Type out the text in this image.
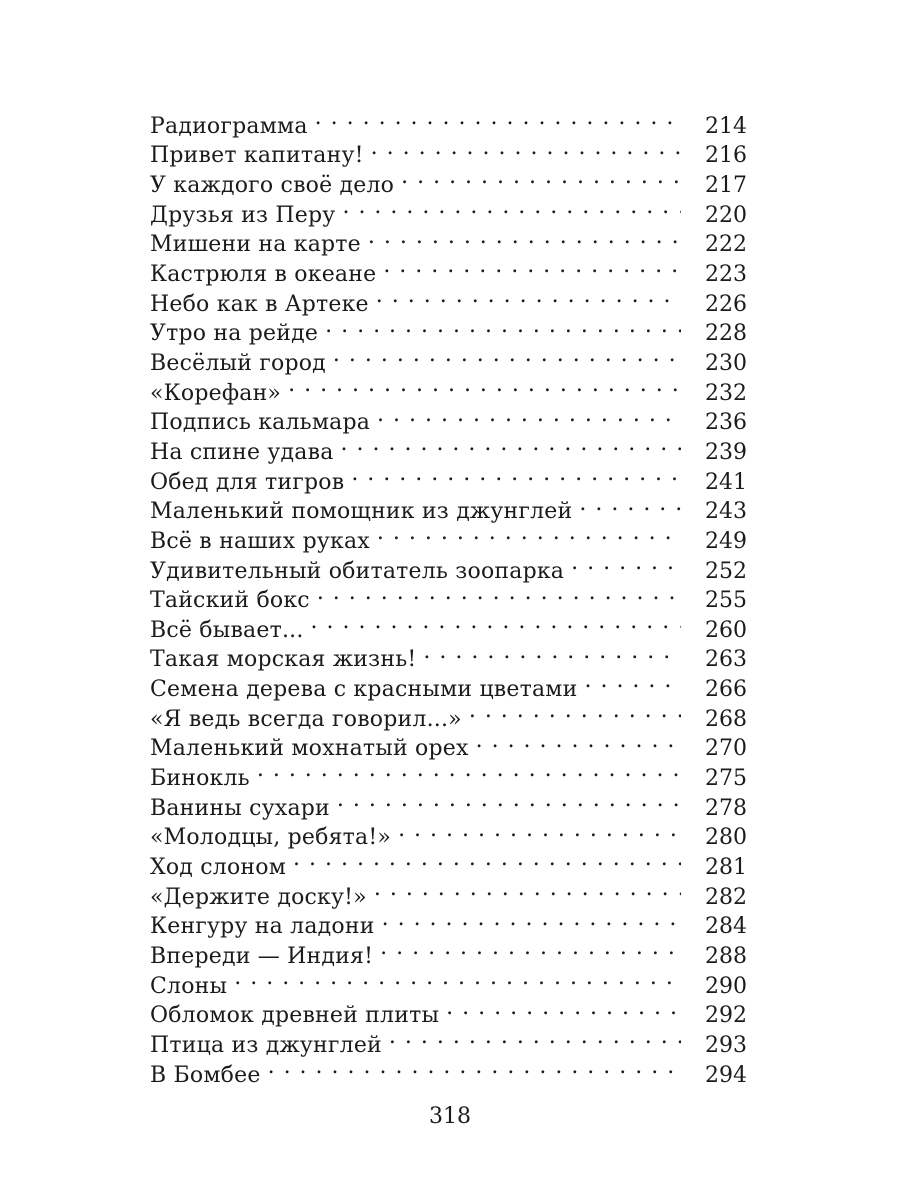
Радиограмма . . .	214
Привет капитану! . . .	216
У каждого своё дело . . .	217
Друзья из Перу . . .	220
Мишени на карте . . .	222
Кастрюля в океане . . .	223
Небо как в Артеке . . .	226
Утро на рейде . . .	228
Весёлый город . . .	230
«Корефан» . . .	232
Подпись кальмара . . .	236
На спине удава . . .	239
Обед для тигров . . .	241
Маленький помощник из джунглей . . .	243
Всё в наших руках . . .	249
Удивительный обитатель зоопарка . . .	252
Тайский бокс . . .	255
Всё бывает... . . .	260
Такая морская жизнь! . . .	263
Семена дерева с красными цветами . . .	266
«Я ведь всегда говорил...» . . .	268
Маленький мохнатый орех . . .	270
Бинокль . . .	275
Ванины сухари . . .	278
«Молодцы, ребята!» . . .	280
Ход слоном . . .	281
«Держите доску!» . . .	282
Кенгуру на ладони . . .	284
Впереди — Индия! . . .	288
Слоны . . .	290
Обломок древней плиты . . .	292
Птица из джунглей . . .	293
В Бомбее . . .	294
318
